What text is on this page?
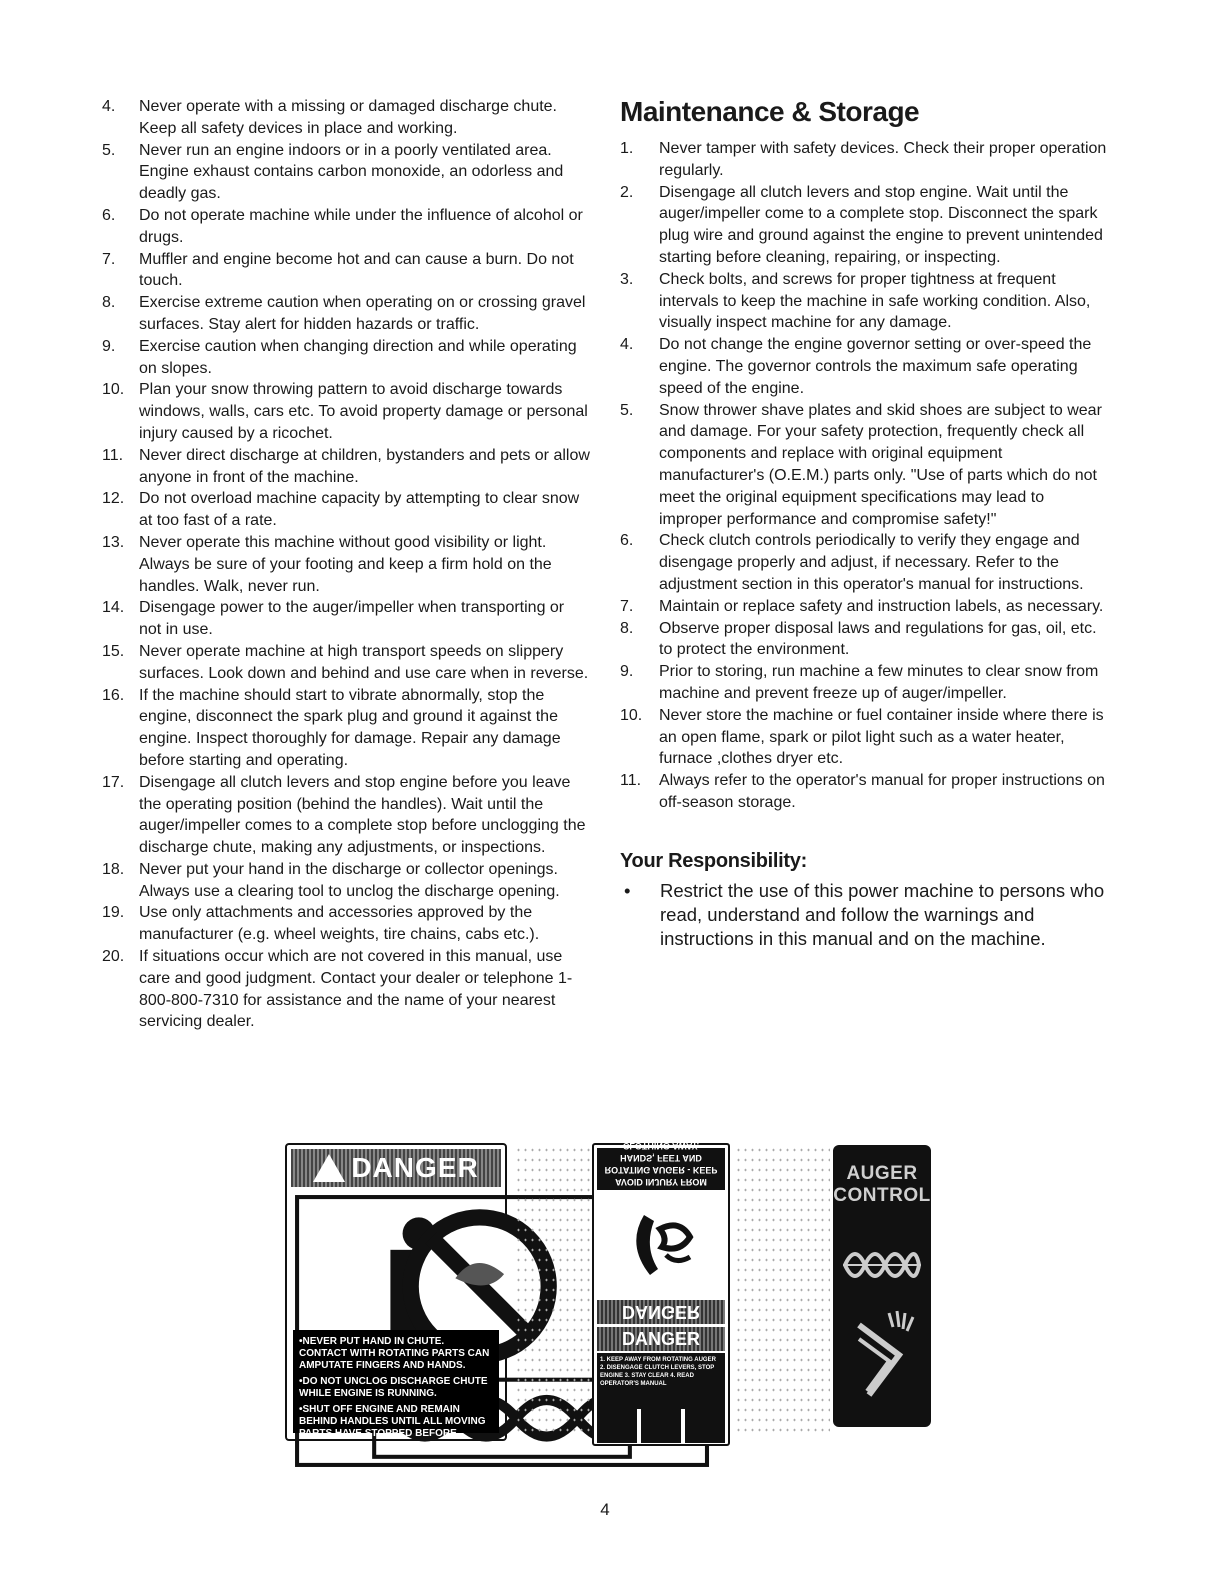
4.	Never operate with a missing or damaged discharge chute. Keep all safety devices in place and working.
5.	Never run an engine indoors or in a poorly ventilated area. Engine exhaust contains carbon monoxide, an odorless and deadly gas.
6.	Do not operate machine while under the influence of alcohol or drugs.
7.	Muffler and engine become hot and can cause a burn. Do not touch.
8.	Exercise extreme caution when operating on or crossing gravel surfaces. Stay alert for hidden hazards or traffic.
9.	Exercise caution when changing direction and while operating on slopes.
10. Plan your snow throwing pattern to avoid discharge towards windows, walls, cars etc. To avoid property damage or personal injury caused by a ricochet.
11. Never direct discharge at children, bystanders and pets or allow anyone in front of the machine.
12. Do not overload machine capacity by attempting to clear snow at too fast of a rate.
13. Never operate this machine without good visibility or light. Always be sure of your footing and keep a firm hold on the handles. Walk, never run.
14. Disengage power to the auger/impeller when transporting or not in use.
15. Never operate machine at high transport speeds on slippery surfaces. Look down and behind and use care when in reverse.
16. If the machine should start to vibrate abnormally, stop the engine, disconnect the spark plug and ground it against the engine. Inspect thoroughly for damage. Repair any damage before starting and operating.
17. Disengage all clutch levers and stop engine before you leave the operating position (behind the handles). Wait until the auger/impeller comes to a complete stop before unclogging the discharge chute, making any adjustments, or inspections.
18. Never put your hand in the discharge or collector openings. Always use a clearing tool to unclog the discharge opening.
19. Use only attachments and accessories approved by the manufacturer (e.g. wheel weights, tire chains, cabs etc.).
20. If situations occur which are not covered in this manual, use care and good judgment. Contact your dealer or telephone 1-800-800-7310 for assistance and the name of your nearest servicing dealer.
Maintenance & Storage
1.	Never tamper with safety devices. Check their proper operation regularly.
2.	Disengage all clutch levers and stop engine. Wait until the auger/impeller come to a complete stop. Disconnect the spark plug wire and ground against the engine to prevent unintended starting before cleaning, repairing, or inspecting.
3.	Check bolts, and screws for proper tightness at frequent intervals to keep the machine in safe working condition. Also, visually inspect machine for any damage.
4.	Do not change the engine governor setting or over-speed the engine. The governor controls the maximum safe operating speed of the engine.
5.	Snow thrower shave plates and skid shoes are subject to wear and damage. For your safety protection, frequently check all components and replace with original equipment manufacturer's (O.E.M.) parts only. "Use of parts which do not meet the original equipment specifications may lead to improper performance and compromise safety!"
6.	Check clutch controls periodically to verify they engage and disengage properly and adjust, if necessary. Refer to the adjustment section in this operator's manual for instructions.
7.	Maintain or replace safety and instruction labels, as necessary.
8.	Observe proper disposal laws and regulations for gas, oil, etc. to protect the environment.
9.	Prior to storing, run machine a few minutes to clear snow from machine and prevent freeze up of auger/impeller.
10.	Never store the machine or fuel container inside where there is an open flame, spark or pilot light such as a water heater, furnace ,clothes dryer etc.
11.	Always refer to the operator's manual for proper instructions on off-season storage.
Your Responsibility:
•	Restrict the use of this power machine to persons who read, understand and follow the warnings and instructions in this manual and on the machine.
DANGER
•NEVER PUT HAND IN CHUTE. CONTACT WITH ROTATING PARTS CAN AMPUTATE FINGERS AND HANDS.
•DO NOT UNCLOG DISCHARGE CHUTE WHILE ENGINE IS RUNNING.
•SHUT OFF ENGINE AND REMAIN BEHIND HANDLES UNTIL ALL MOVING PARTS HAVE STOPPED BEFORE UNCLOGGING.
AVOID INJURY FROM ROTATING AUGER - KEEP HANDS, FEET AND CLOTHING AWAY.
DANGER
DANGER
1. KEEP AWAY FROM ROTATING AUGER 2. DISENGAGE CLUTCH LEVERS, STOP ENGINE 3. STAY CLEAR 4. READ OPERATOR'S MANUAL
AUGER
CONTROL
4
